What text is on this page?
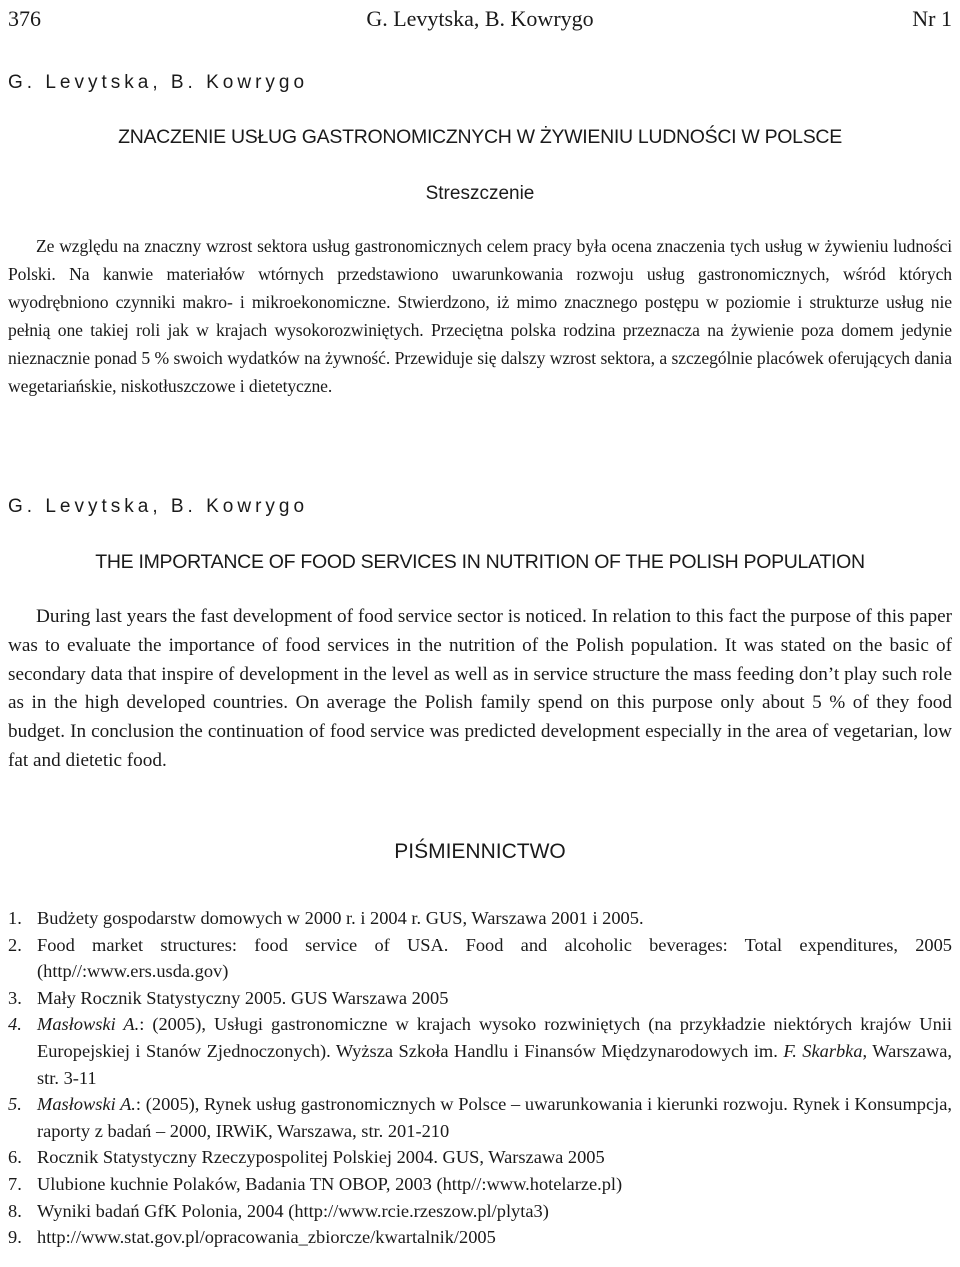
376	G. Levytska, B. Kowrygo	Nr 1
G. Levytska, B. Kowrygo
ZNACZENIE USŁUG GASTRONOMICZNYCH W ŻYWIENIU LUDNOŚCI W POLSCE
Streszczenie
Ze względu na znaczny wzrost sektora usług gastronomicznych celem pracy była ocena znaczenia tych usług w żywieniu ludności Polski. Na kanwie materiałów wtórnych przedstawiono uwarunkowania rozwoju usług gastronomicznych, wśród których wyodrębniono czynniki makro- i mikroekonomiczne. Stwierdzono, iż mimo znacznego postępu w poziomie i strukturze usług nie pełnią one takiej roli jak w krajach wysokorozwiniętych. Przeciętna polska rodzina przeznacza na żywienie poza domem jedynie nieznacznie ponad 5 % swoich wydatków na żywność. Przewiduje się dalszy wzrost sektora, a szczególnie placówek oferujących dania wegetariańskie, niskotłuszczowe i dietetyczne.
G. Levytska, B. Kowrygo
THE IMPORTANCE OF FOOD SERVICES IN NUTRITION OF THE POLISH POPULATION
During last years the fast development of food service sector is noticed. In relation to this fact the purpose of this paper was to evaluate the importance of food services in the nutrition of the Polish population. It was stated on the basic of secondary data that inspire of development in the level as well as in service structure the mass feeding don’t play such role as in the high developed countries. On average the Polish family spend on this purpose only about 5 % of they food budget. In conclusion the continuation of food service was predicted development especially in the area of vegetarian, low fat and dietetic food.
PIŚMIENNICTWO
1. Budżety gospodarstw domowych w 2000 r. i 2004 r. GUS, Warszawa 2001 i 2005.
2. Food market structures: food service of USA. Food and alcoholic beverages: Total expenditures, 2005 (http//:www.ers.usda.gov)
3. Mały Rocznik Statystyczny 2005. GUS Warszawa 2005
4. Masłowski A.: (2005), Usługi gastronomiczne w krajach wysoko rozwiniętych (na przykładzie niektórych krajów Unii Europejskiej i Stanów Zjednoczonych). Wyższa Szkoła Handlu i Finansów Międzynarodowych im. F. Skarbka, Warszawa, str. 3-11
5. Masłowski A.: (2005), Rynek usług gastronomicznych w Polsce – uwarunkowania i kierunki rozwoju. Rynek i Konsumpcja, raporty z badań – 2000, IRWiK, Warszawa, str. 201-210
6. Rocznik Statystyczny Rzeczypospolitej Polskiej 2004. GUS, Warszawa 2005
7. Ulubione kuchnie Polaków, Badania TN OBOP, 2003 (http//:www.hotelarze.pl)
8. Wyniki badań GfK Polonia, 2004 (http://www.rcie.rzeszow.pl/plyta3)
9. http://www.stat.gov.pl/opracowania_zbiorcze/kwartalnik/2005
